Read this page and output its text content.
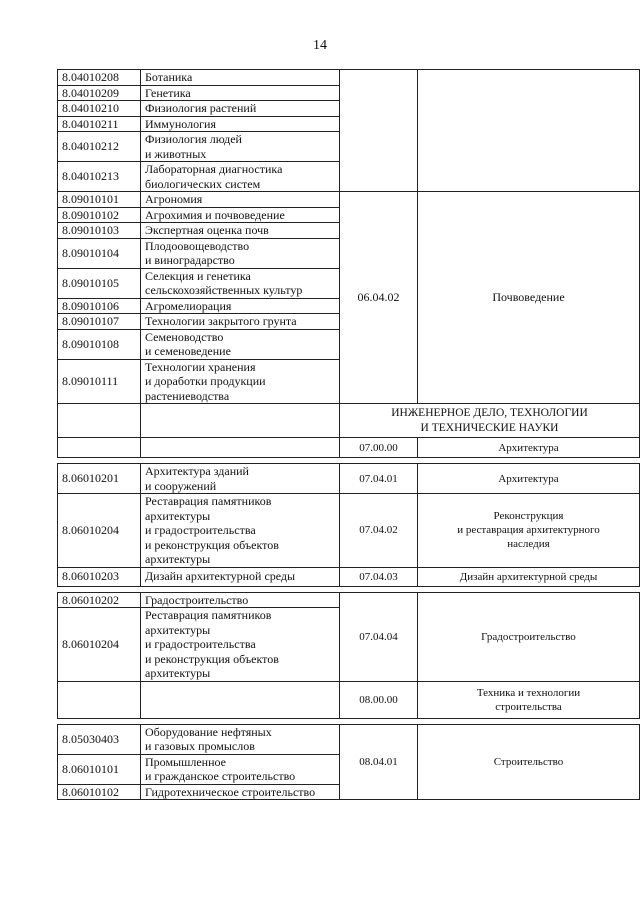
14
8.04010208	Ботаника		
8.04010209	Генетика		
8.04010210	Физиология растений		
8.04010211	Иммунология		
8.04010212	Физиология людей
и животных		
8.04010213	Лабораторная диагностика
биологических систем		
8.09010101	Агрономия	06.04.02	Почвоведение
8.09010102	Агрохимия и почвоведение		
8.09010103	Экспертная оценка почв		
8.09010104	Плодоовощеводство
и виноградарство		
8.09010105	Селекция и генетика
сельскохозяйственных культур		
8.09010106	Агромелиорация		
8.09010107	Технологии закрытого грунта		
8.09010108	Семеноводство
и семеноведение		
8.09010111	Технологии хранения
и доработки продукции
растениеводства		
		ИНЖЕНЕРНОЕ ДЕЛО, ТЕХНОЛОГИИ
И ТЕХНИЧЕСКИЕ НАУКИ	
		07.00.00	Архитектура

8.06010201	Архитектура зданий
и сооружений	07.04.01	Архитектура
8.06010204	Реставрация памятников
архитектуры
и градостроительства
и реконструкция объектов
архитектуры	07.04.02	Реконструкция
и реставрация архитектурного
наследия
8.06010203	Дизайн архитектурной среды	07.04.03	Дизайн архитектурной среды

8.06010202	Градостроительство	07.04.04	Градостроительство
8.06010204	Реставрация памятников
архитектуры
и градостроительства
и реконструкция объектов
архитектуры		
		08.00.00	Техника и технологии
строительства

8.05030403	Оборудование нефтяных
и газовых промыслов	08.04.01	Строительство
8.06010101	Промышленное
и гражданское строительство		
8.06010102	Гидротехническое строительство		
